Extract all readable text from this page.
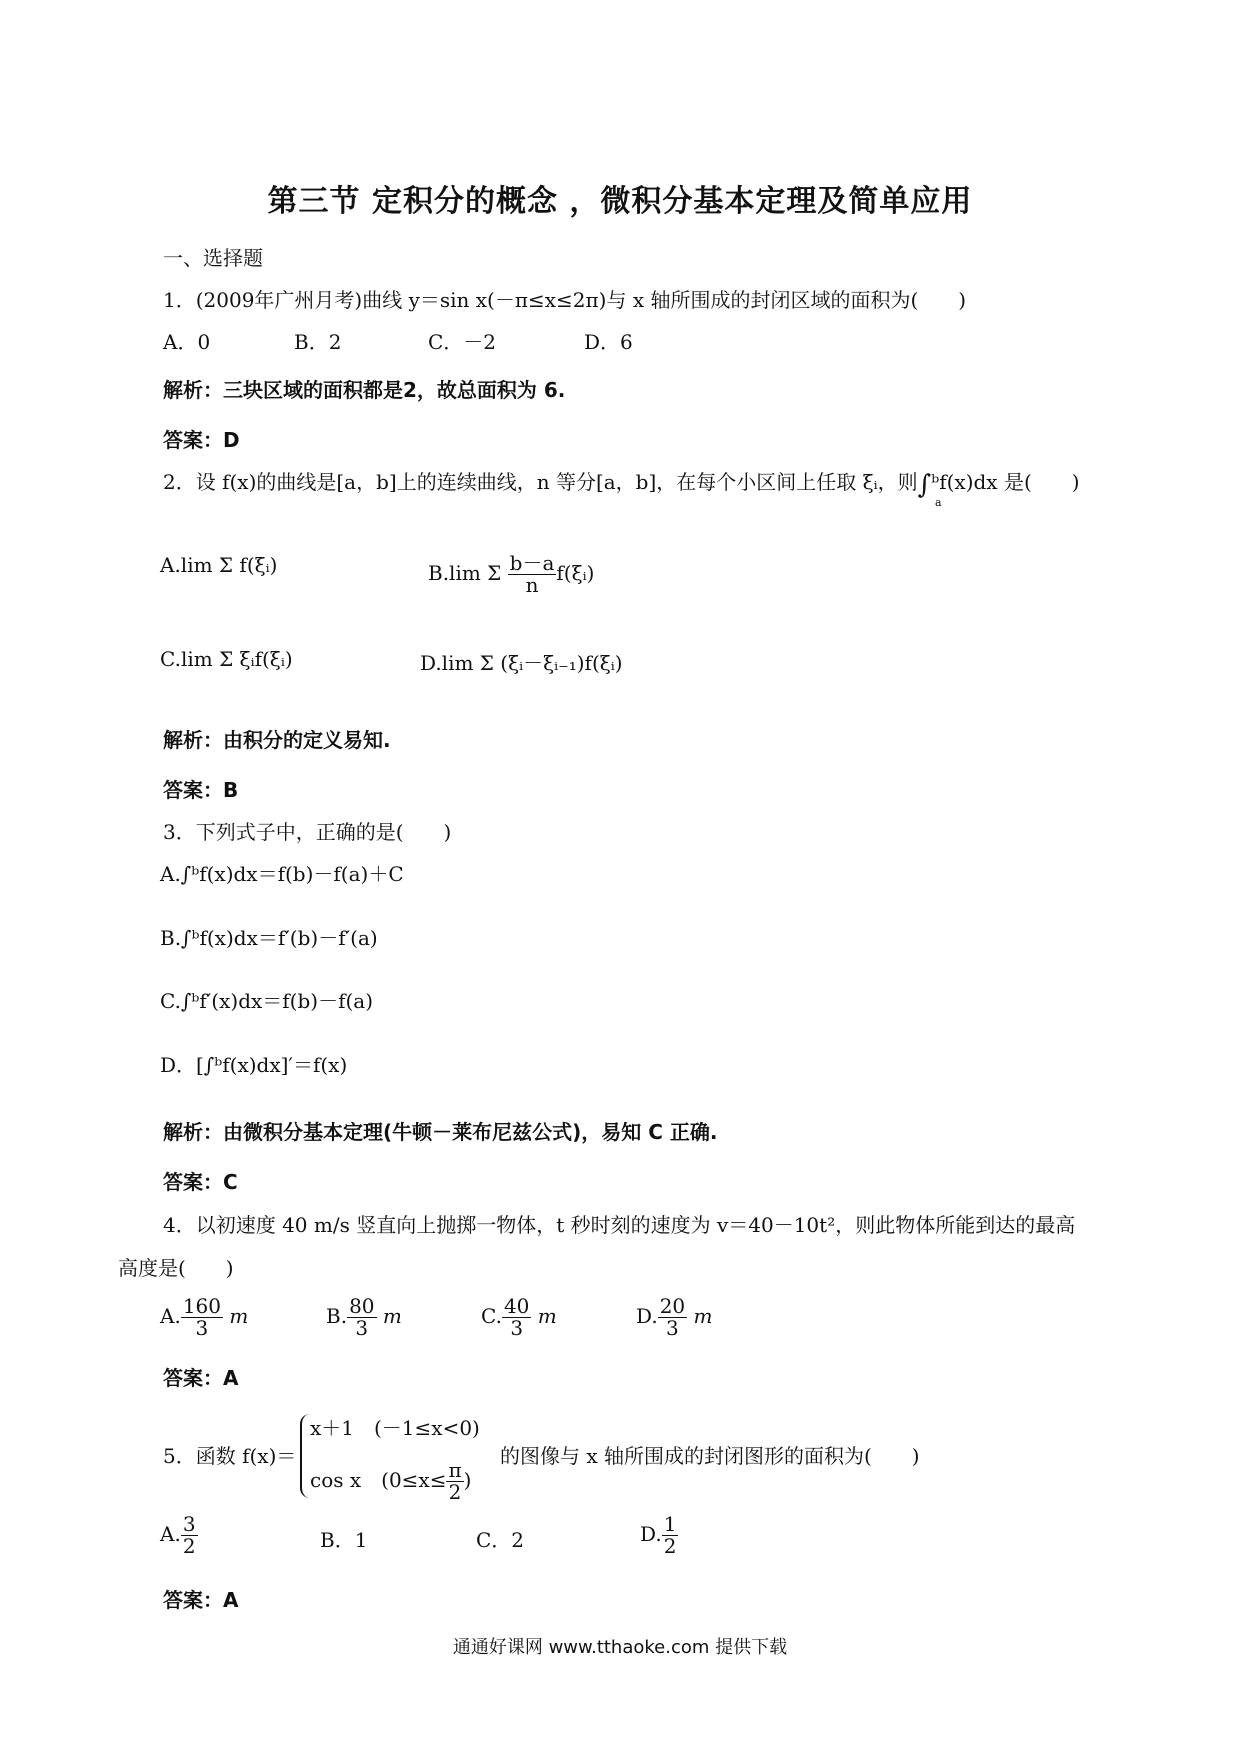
第三节 定积分的概念 ，微积分基本定理及简单应用
一、选择题
1．(2009年广州月考)曲线 y＝sin x(－π≤x≤2π)与 x 轴所围成的封闭区域的面积为(　　)
A．0	B．2	C．－2	D．6
解析：三块区域的面积都是2，故总面积为 6.
答案：D
2．设 f(x)的曲线是[a，b]上的连续曲线，n 等分[a，b]，在每个小区间上任取 ξᵢ，则∫ᵇf(x)dx 是(　　)
a
A.lim Σ f(ξᵢ)	B.lim Σ $\frac{b-a}{n}$ f(ξᵢ)
C.lim Σ ξᵢf(ξᵢ)	D.lim Σ (ξᵢ－ξᵢ₋₁)f(ξᵢ)
解析：由积分的定义易知.
答案：B
3．下列式子中，正确的是(　　)
A.∫ᵇf(x)dx＝f(b)－f(a)＋C
B.∫ᵇf(x)dx＝f′(b)－f′(a)
C.∫ᵇf′(x)dx＝f(b)－f(a)
D．[∫ᵇf(x)dx]′＝f(x)
解析：由微积分基本定理(牛顿－莱布尼兹公式)，易知 C 正确.
答案：C
4．以初速度 40 m/s 竖直向上抛掷一物体，t 秒时刻的速度为 v＝40－10t²，则此物体所能到达的最高
高度是(　　)
A. $\frac{160}{3}$ m	B. $\frac{80}{3}$ m	C. $\frac{40}{3}$ m	D. $\frac{20}{3}$ m
答案：A
5．函数 f(x)＝
x＋1　(－1≤x<0)
cos x　($0\le x\le \frac{\pi}{2}$ )
的图像与 x 轴所围成的封闭图形的面积为(　　)
A. $\frac{3}{2}$	B．1	C．2	D. $\frac{1}{2}$
答案：A
通通好课网 www.tthaoke.com 提供下载
